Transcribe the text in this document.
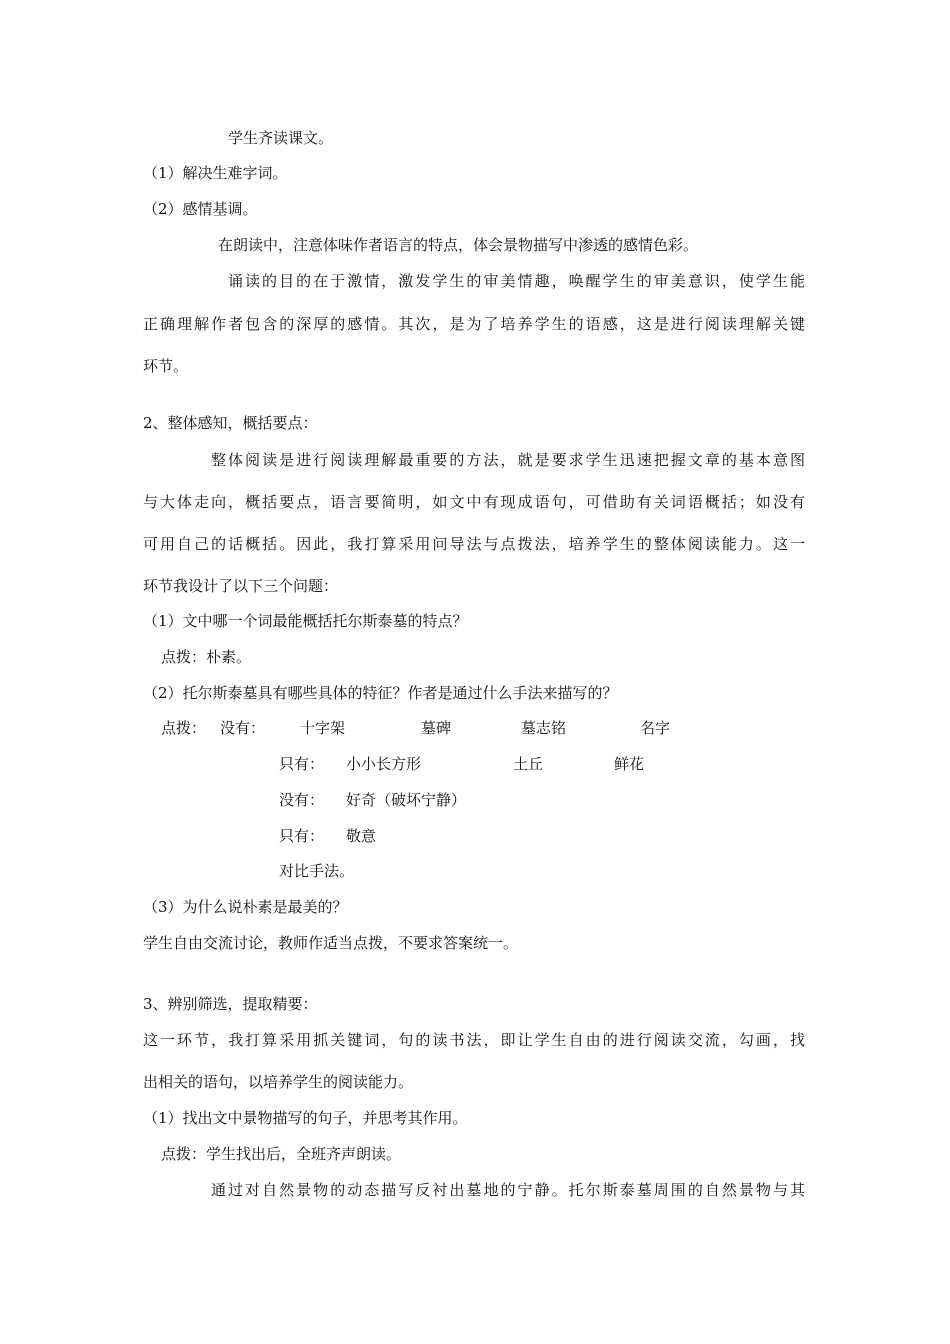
学生齐读课文。

（1）解决生难字词。

（2）感情基调。

在朗读中，注意体味作者语言的特点，体会景物描写中渗透的感情色彩。

诵读的目的在于激情，激发学生的审美情趣，唤醒学生的审美意识，使学生能

正确理解作者包含的深厚的感情。其次，是为了培养学生的语感，这是进行阅读理解关键

环节。

2、整体感知，概括要点：

整体阅读是进行阅读理解最重要的方法，就是要求学生迅速把握文章的基本意图

与大体走向，概括要点，语言要简明，如文中有现成语句，可借助有关词语概括；如没有

可用自己的话概括。因此，我打算采用问导法与点拨法，培养学生的整体阅读能力。这一

环节我设计了以下三个问题：

（1）文中哪一个词最能概括托尔斯泰墓的特点？

点拨：朴素。

（2）托尔斯泰墓具有哪些具体的特征？作者是通过什么手法来描写的？

点拨： 没有： 十字架	墓碑	墓志铭	名字

只有： 小小长方形	土丘	鲜花

没有： 好奇（破坏宁静）

只有： 敬意

对比手法。

（3）为什么说朴素是最美的？

学生自由交流讨论，教师作适当点拨，不要求答案统一。

3、辨别筛选，提取精要：

这一环节，我打算采用抓关键词，句的读书法，即让学生自由的进行阅读交流，勾画，找

出相关的语句，以培养学生的阅读能力。

（1）找出文中景物描写的句子，并思考其作用。

点拨：学生找出后，全班齐声朗读。

通过对自然景物的动态描写反衬出墓地的宁静。托尔斯泰墓周围的自然景物与其
